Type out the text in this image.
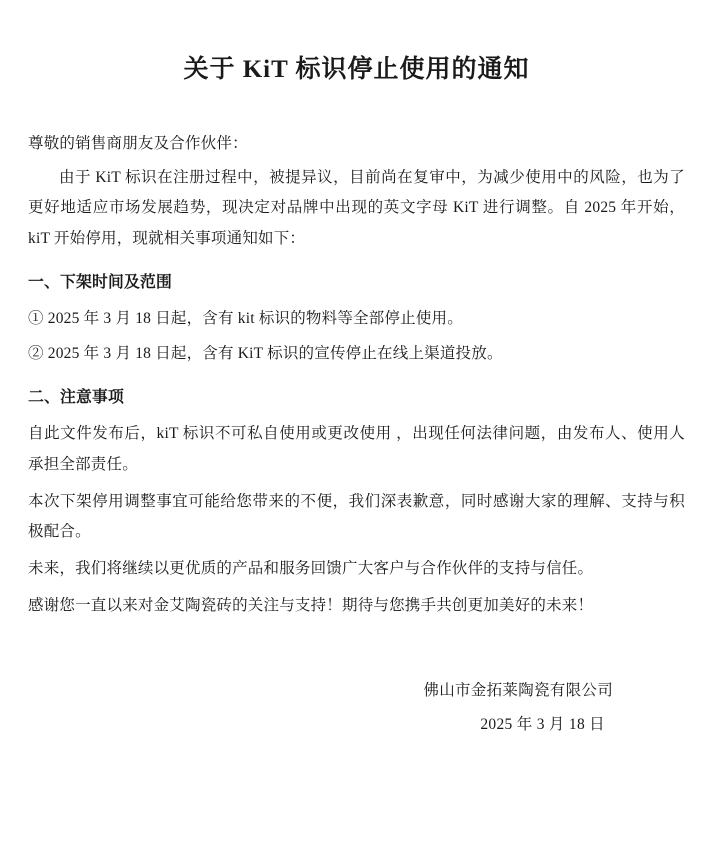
关于 KiT 标识停止使用的通知

尊敬的销售商朋友及合作伙伴：

由于 KiT 标识在注册过程中，被提异议，目前尚在复审中，为减少使用中的风险，也为了更好地适应市场发展趋势，现决定对品牌中出现的英文字母 KiT 进行调整。自 2025 年开始，kiT 开始停用，现就相关事项通知如下：

一、下架时间及范围
① 2025 年 3 月 18 日起，含有 kit 标识的物料等全部停止使用。
② 2025 年 3 月 18 日起，含有 KiT 标识的宣传停止在线上渠道投放。
二、注意事项

自此文件发布后，kiT 标识不可私自使用或更改使用 ，出现任何法律问题，由发布人、使用人承担全部责任。

本次下架停用调整事宜可能给您带来的不便，我们深表歉意，同时感谢大家的理解、支持与积极配合。

未来，我们将继续以更优质的产品和服务回馈广大客户与合作伙伴的支持与信任。

感谢您一直以来对金艾陶瓷砖的关注与支持！期待与您携手共创更加美好的未来！

佛山市金拓莱陶瓷有限公司
2025 年 3 月 18 日
